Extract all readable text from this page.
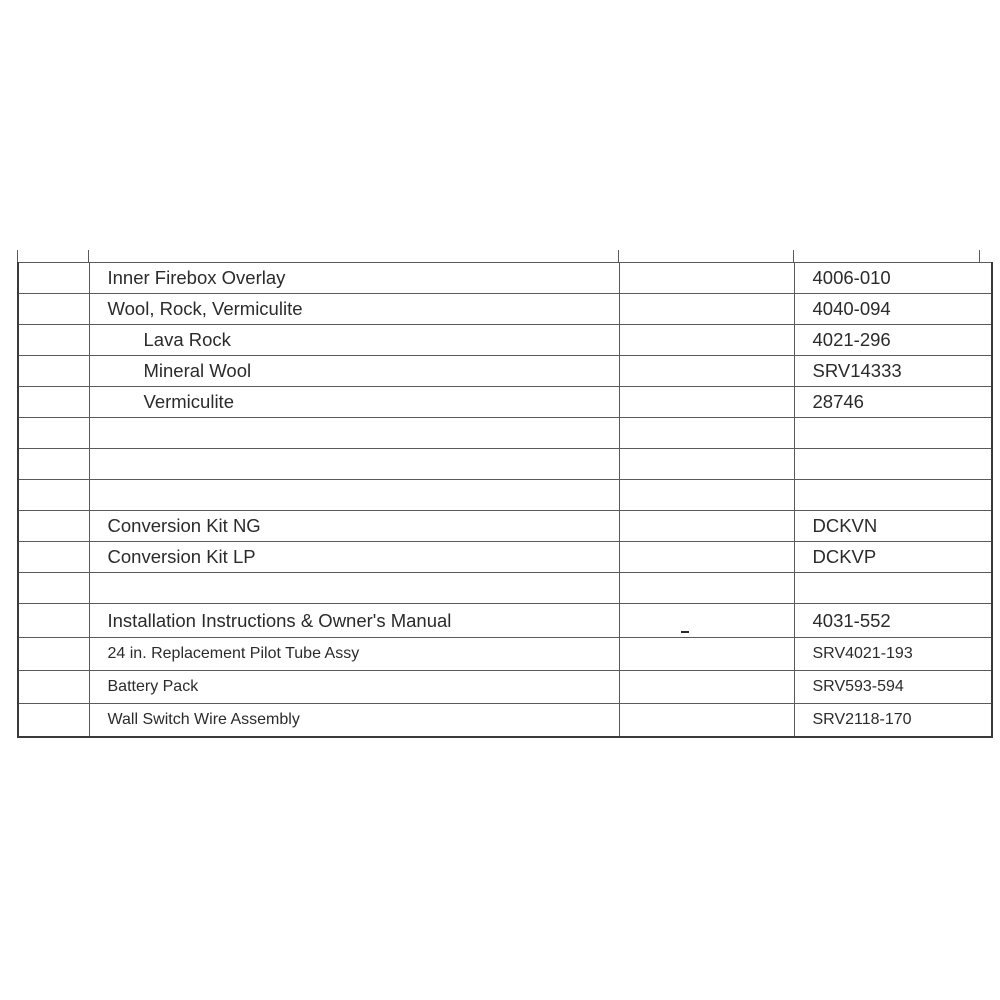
	Inner Firebox Overlay		4006-010
	Wool, Rock, Vermiculite		4040-094
	Lava Rock		4021-296
	Mineral Wool		SRV14333
	Vermiculite		28746

	Conversion Kit NG		DCKVN
	Conversion Kit LP		DCKVP

	Installation Instructions & Owner's Manual		4031-552
	24 in. Replacement Pilot Tube Assy		SRV4021-193
	Battery Pack		SRV593-594
	Wall Switch Wire Assembly		SRV2118-170
